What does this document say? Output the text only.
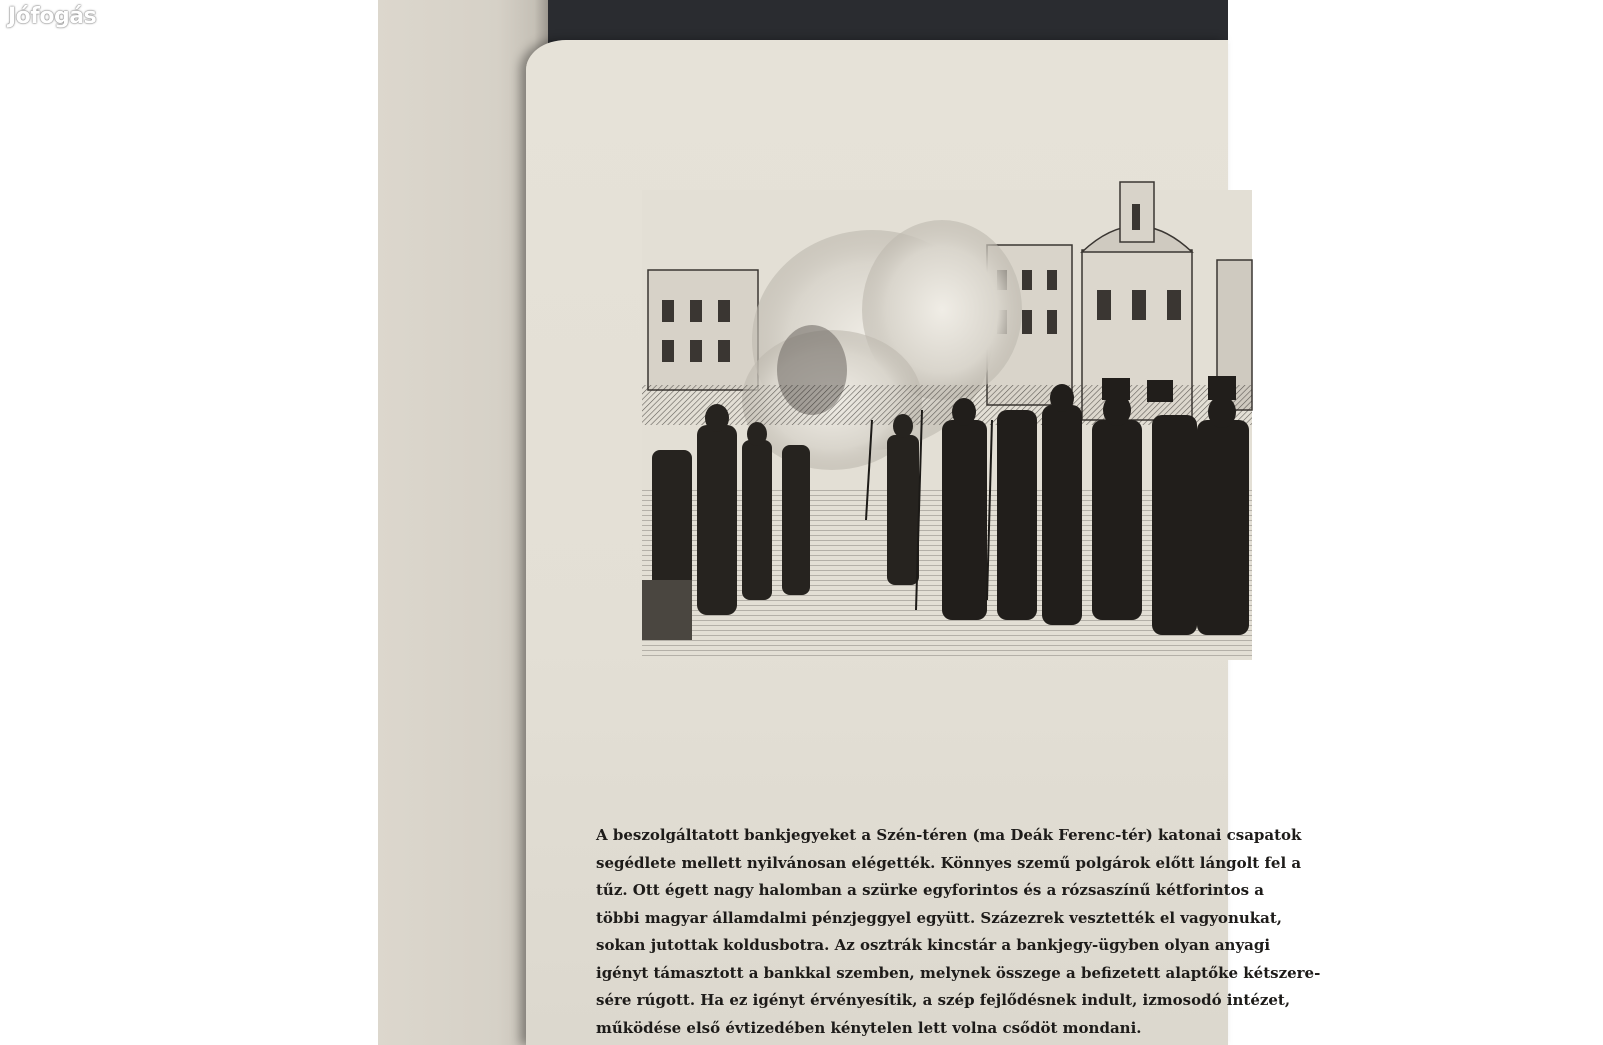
Jófogás
A beszolgáltatott bankjegyeket a Szén-téren (ma Deák Ferenc-tér) katonai csapatok
segédlete mellett nyilvánosan elégették. Könnyes szemű polgárok előtt lángolt fel a
tűz. Ott égett nagy halomban a szürke egyforintos és a rózsaszínű kétforintos a
többi magyar államdalmi pénzjeggyel együtt. Százezrek vesztették el vagyonukat,
sokan jutottak koldusbotra. Az osztrák kincstár a bankjegy-ügyben olyan anyagi
igényt támasztott a bankkal szemben, melynek összege a befizetett alaptőke kétszere-
sére rúgott. Ha ez igényt érvényesítik, a szép fejlődésnek indult, izmosodó intézet,
működése első évtizedében kénytelen lett volna csődöt mondani.
